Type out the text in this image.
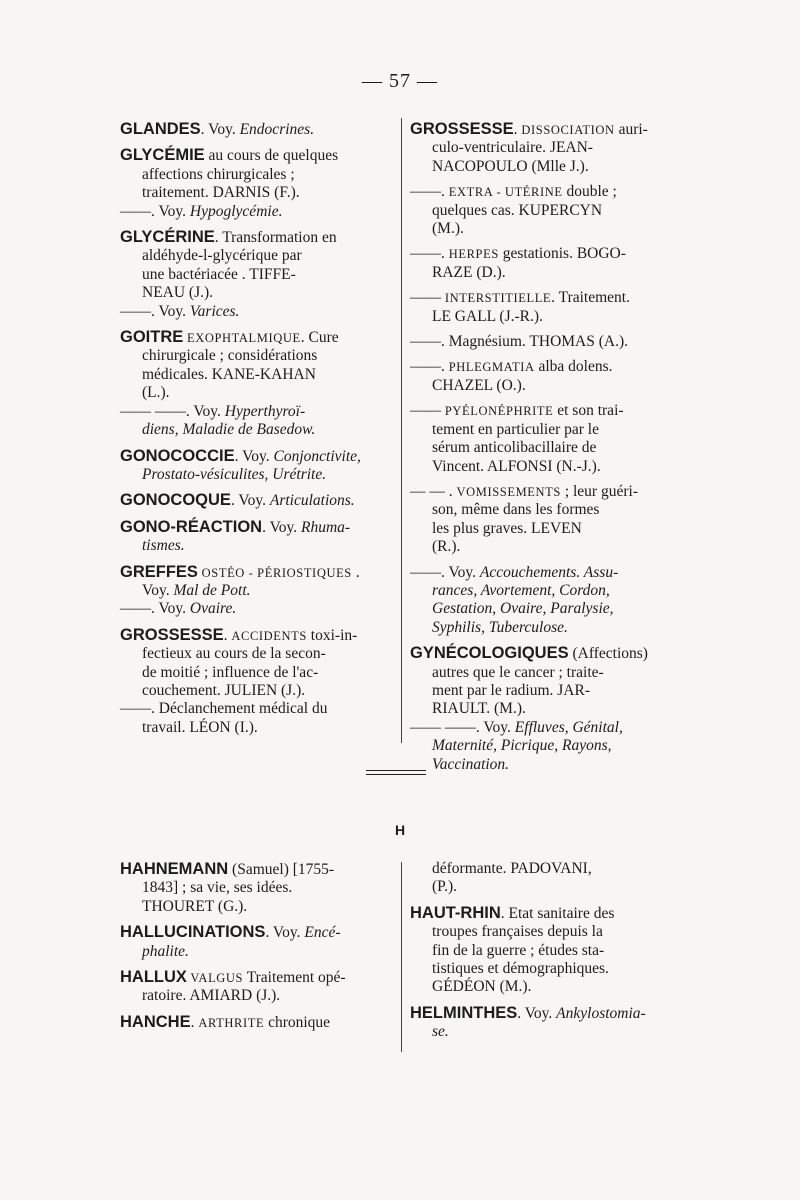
— 57 —
GLANDES. Voy. Endocrines.
GLYCÉMIE au cours de quelques
affections chirurgicales ;
traitement. DARNIS (F.).
——. Voy. Hypoglycémie.
GLYCÉRINE. Transformation en
aldéhyde-l-glycérique par
une bactériacée . TIFFE-
NEAU (J.).
——. Voy. Varices.
GOITRE EXOPHTALMIQUE. Cure
chirurgicale ; considérations
médicales. KANE-KAHAN
(L.).
—— ——. Voy. Hyperthyroï-
diens, Maladie de Basedow.
GONOCOCCIE. Voy. Conjonctivite,
Prostato-vésiculites, Urétrite.
GONOCOQUE. Voy. Articulations.
GONO-RÉACTION. Voy. Rhuma-
tismes.
GREFFES OSTÉO - PÉRIOSTIQUES .
Voy. Mal de Pott.
——. Voy. Ovaire.
GROSSESSE. ACCIDENTS toxi-in-
fectieux au cours de la secon-
de moitié ; influence de l'ac-
couchement. JULIEN (J.).
——. Déclanchement médical du
travail. LÉON (I.).
GROSSESSE. DISSOCIATION auri-
culo-ventriculaire. JEAN-
NACOPOULO (Mlle J.).
——. EXTRA - UTÉRINE double ;
quelques cas. KUPERCYN
(M.).
——. HERPES gestationis. BOGO-
RAZE (D.).
—— INTERSTITIELLE. Traitement.
LE GALL (J.-R.).
——. Magnésium. THOMAS (A.).
——. PHLEGMATIA alba dolens.
CHAZEL (O.).
—— PYÉLONÉPHRITE et son trai-
tement en particulier par le
sérum anticolibacillaire de
Vincent. ALFONSI (N.-J.).
— — . VOMISSEMENTS ; leur guéri-
son, même dans les formes
les plus graves. LEVEN
(R.).
——. Voy. Accouchements. Assu-
rances, Avortement, Cordon,
Gestation, Ovaire, Paralysie,
Syphilis, Tuberculose.
GYNÉCOLOGIQUES (Affections)
autres que le cancer ; traite-
ment par le radium. JAR-
RIAULT. (M.).
—— ——. Voy. Effluves, Génital,
Maternité, Picrique, Rayons,
Vaccination.
H
HAHNEMANN (Samuel) [1755-
1843] ; sa vie, ses idées.
THOURET (G.).
HALLUCINATIONS. Voy. Encé-
phalite.
HALLUX VALGUS Traitement opé-
ratoire. AMIARD (J.).
HANCHE. ARTHRITE chronique
déformante. PADOVANI,
(P.).
HAUT-RHIN. Etat sanitaire des
troupes françaises depuis la
fin de la guerre ; études sta-
tistiques et démographiques.
GÉDÉON (M.).
HELMINTHES. Voy. Ankylostomia-
se.
